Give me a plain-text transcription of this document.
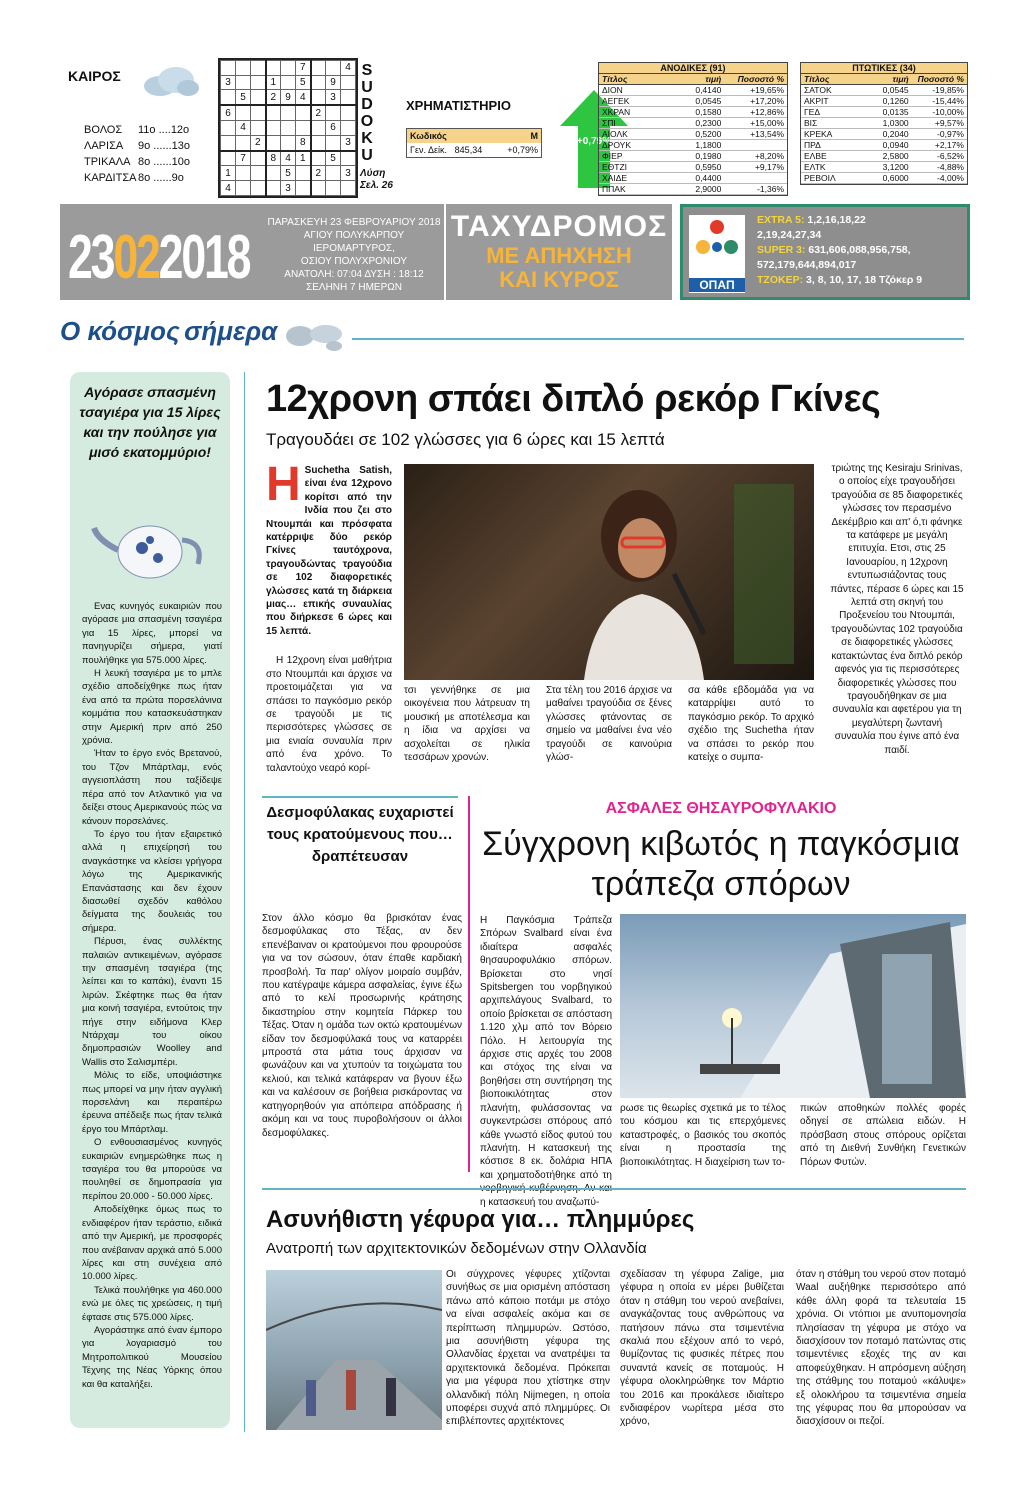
ΚΑΙΡΟΣ
ΒΟΛΟΣ	11ο ....12ο
ΛΑΡΙΣΑ	9ο ......13ο
ΤΡΙΚΑΛΑ 8ο ......10ο
ΚΑΡΔΙΤΣΑ 8ο ......9ο
					7			4
3			1		5		9	
	5		2	9	4		3	
6						2		
	4						6	
		2			8			3
	7		8	4	1		5	
1				5		2		3
4				3				
S
U
D
O
K
U
Λύση
Σελ. 26
ΧΡΗΜΑΤΙΣΤΗΡΙΟ
Κωδικός	Μ
Γεν. Δείκ. 845,34	+0,79%
+0,79%
ΑΝΟΔΙΚΕΣ (91)
Τίτλος	τιμή	Ποσοστό %
ΔΙΟΝ	0,4140	+19,65%
ΑΕΓΕΚ	0,0545	+17,20%
ΧΚΡΑΝ	0,1580	+12,86%
ΣΠΙ	0,2300	+15,00%
ΑΙΟΛΚ	0,5200	+13,54%
ΔΡΟΥΚ	1,1800
ΦΙΕΡ	0,1980	+8,20%
ΕΘΤΖΙ	0,5950	+9,17%
ΧΑΙΔΕ	0,4400
ΠΠΑΚ	2,9000	-1,36%
ΠΤΩΤΙΚΕΣ (34)
Τίτλος	τιμή	Ποσοστό %
ΣΑΤΟΚ	0,0545	-19,85%
ΑΚΡΙΤ	0,1260	-15,44%
ΓΕΔ	0,0135	-10,00%
ΒΙΣ	1,0300	+9,57%
ΚΡΕΚΑ	0,2040	-0,97%
ΠΡΔ	0,0940	+2,17%
ΕΛΒΕ	2,5800	-6,52%
ΕΛΤΚ	3,1200	-4,88%
ΡΕΒΟΙΛ	0,6000	-4,00%
23022018
ΠΑΡΑΣΚΕΥΗ 23 ΦΕΒΡΟΥΑΡΙΟΥ 2018
ΑΓΙΟΥ ΠΟΛΥΚΑΡΠΟΥ ΙΕΡΟΜΑΡΤΥΡΟΣ,
ΟΣΙΟΥ ΠΟΛΥΧΡΟΝΙΟΥ
ΑΝΑΤΟΛΗ: 07:04 ΔΥΣΗ : 18:12
ΣΕΛΗΝΗ 7 ΗΜΕΡΩΝ
ΤΑΧΥΔΡΟΜΟΣ
ΜΕ ΑΠΗΧΗΣΗ
ΚΑΙ ΚΥΡΟΣ	ΟΠΑΠ
EXTRA 5: 1,2,16,18,22
2,19,24,27,34
SUPER 3: 631,606,088,956,758,
572,179,644,894,017
ΤΖΟΚΕΡ: 3, 8, 10, 17, 18 Τζόκερ 9
Ο κόσμος σήμερα
Αγόρασε σπασμένη τσαγιέρα για 15 λίρες και την πούλησε για μισό εκατομμύριο!

Ενας κυνηγός ευκαιριών που αγόρασε μια σπασμένη τσαγιέρα για 15 λίρες, μπορεί να πανηγυρίζει σήμερα, γιατί πουλήθηκε για 575.000 λίρες.

Η λευκή τσαγιέρα με το μπλε σχέδιο αποδείχθηκε πως ήταν ένα από τα πρώτα πορσελάνινα κομμάτια που κατασκευάστηκαν στην Αμερική πριν από 250 χρόνια.

Ήταν το έργο ενός Βρετανού, του Τζον Μπάρτλαμ, ενός αγγειοπλάστη που ταξίδεψε πέρα από τον Ατλαντικό για να δείξει στους Αμερικανούς πώς να κάνουν πορσελάνες.

Το έργο του ήταν εξαιρετικό αλλά η επιχείρησή του αναγκάστηκε να κλείσει γρήγορα λόγω της Αμερικανικής Επανάστασης και δεν έχουν διασωθεί σχεδόν καθόλου δείγματα της δουλειάς του σήμερα.

Πέρυσι, ένας συλλέκτης παλαιών αντικειμένων, αγόρασε την σπασμένη τσαγιέρα (της λείπει και το καπάκι), έναντι 15 λιρών. Σκέφτηκε πως θα ήταν μια κοινή τσαγιέρα, εντούτοις την πήγε στην ειδήμονα Κλερ Ντάρχαμ του οίκου δημοπρασιών Woolley and Wallis στο Σαλισμπέρι.

Μόλις το είδε, υποψιάστηκε πως μπορεί να μην ήταν αγγλική πορσελάνη και περαιτέρω έρευνα απέδειξε πως ήταν τελικά έργο του Μπάρτλαμ.

Ο ενθουσιασμένος κυνηγός ευκαιριών ενημερώθηκε πως η τσαγιέρα του θα μπορούσε να πουληθεί σε δημοπρασία για περίπου 20.000 - 50.000 λίρες.

Αποδείχθηκε όμως πως το ενδιαφέρον ήταν τεράστιο, ειδικά από την Αμερική, με προσφορές που ανέβαιναν αρχικά από 5.000 λίρες και στη συνέχεια από 10.000 λίρες.

Τελικά πουλήθηκε για 460.000 ενώ με όλες τις χρεώσεις, η τιμή έφτασε στις 575.000 λίρες.

Αγοράστηκε από έναν έμπορο για λογαριασμό του Μητροπολιτικού Μουσείου Τέχνης της Νέας Υόρκης όπου και θα καταλήξει.

12χρονη σπάει διπλό ρεκόρ Γκίνες
Τραγουδάει σε 102 γλώσσες για 6 ώρες και 15 λεπτά
Η Suchetha Satish, είναι ένα 12χρονο κορίτσι από την Ινδία που ζει στο Ντουμπάι και πρόσφατα κατέρριψε δύο ρεκόρ Γκίνες ταυτόχρονα, τραγουδώντας τραγούδια σε 102 διαφορετικές γλώσσες κατά τη διάρκεια μιας… επικής συναυλίας που διήρκεσε 6 ώρες και 15 λεπτά.

Η 12χρονη είναι μαθήτρια στο Ντουμπάι και άρχισε να προετοιμάζεται για να σπάσει το παγκόσμιο ρεκόρ σε τραγούδι με τις περισσότερες γλώσσες σε μια ενιαία συναυλία πριν από ένα χρόνο. Το ταλαντούχο νεαρό κορί-

τσι γεννήθηκε σε μια οικογένεια που λάτρευαν τη μουσική με αποτέλεσμα και η ίδια να αρχίσει να ασχολείται σε ηλικία τεσσάρων χρονών.
Στα τέλη του 2016 άρχισε να μαθαίνει τραγούδια σε ξένες γλώσσες φτάνοντας σε σημείο να μαθαίνει ένα νέο τραγούδι σε καινούρια γλώσ-
σα κάθε εβδομάδα για να καταρρίψει αυτό το παγκόσμιο ρεκόρ. Το αρχικό σχέδιο της Suchetha ήταν να σπάσει το ρεκόρ που κατείχε ο συμπα-
τριώτης της Kesiraju Srinivas, ο οποίος είχε τραγουδήσει τραγούδια σε 85 διαφορετικές γλώσσες τον περασμένο Δεκέμβριο και απ' ό,τι φάνηκε τα κατάφερε με μεγάλη επιτυχία. Ετσι, στις 25 Ιανουαρίου, η 12χρονη εντυπωσιάζοντας τους πάντες, πέρασε 6 ώρες και 15 λεπτά στη σκηνή του Προξενείου του Ντουμπάι, τραγουδώντας 102 τραγούδια σε διαφορετικές γλώσσες κατακτώντας ένα διπλό ρεκόρ αφενός για τις περισσότερες διαφορετικές γλώσσες που τραγουδήθηκαν σε μια συναυλία και αφετέρου για τη μεγαλύτερη ζωντανή συναυλία που έγινε από ένα παιδί.
Δεσμοφύλακας ευχαριστεί τους κρατούμενους που… δραπέτευσαν
Στον άλλο κόσμο θα βρισκόταν ένας δεσμοφύλακας στο Τέξας, αν δεν επενέβαιναν οι κρατούμενοι που φρουρούσε για να τον σώσουν, όταν έπαθε καρδιακή προσβολή. Τα παρ' ολίγον μοιραίο συμβάν, που κατέγραψε κάμερα ασφαλείας, έγινε έξω από το κελί προσωρινής κράτησης δικαστηρίου στην κομητεία Πάρκερ του Τέξας. Όταν η ομάδα των οκτώ κρατουμένων είδαν τον δεσμοφύλακά τους να καταρρέει μπροστά στα μάτια τους άρχισαν να φωνάζουν και να χτυπούν τα τοιχώματα του κελιού, και τελικά κατάφεραν να βγουν έξω και να καλέσουν σε βοήθεια ρισκάροντας να κατηγορηθούν για απόπειρα απόδρασης ή ακόμη και να τους πυροβολήσουν οι άλλοι δεσμοφύλακες.
ΑΣΦΑΛΕΣ ΘΗΣΑΥΡΟΦΥΛΑΚΙΟ
Σύγχρονη κιβωτός η παγκόσμια τράπεζα σπόρων
Η Παγκόσμια Τράπεζα Σπόρων Svalbard είναι ένα ιδιαίτερα ασφαλές θησαυροφυλάκιο σπόρων. Βρίσκεται στο νησί Spitsbergen του νορβηγικού αρχιπελάγους Svalbard, το οποίο βρίσκεται σε απόσταση 1.120 χλμ από τον Βόρειο Πόλο. Η λειτουργία της άρχισε στις αρχές του 2008 και στόχος της είναι να βοηθήσει στη συντήρηση της βιοποικιλότητας στον πλανήτη, φυλάσσοντας να συγκεντρώσει σπόρους από κάθε γνωστό είδος φυτού του πλανήτη. Η κατασκευή της κόστισε 8 εκ. δολάρια ΗΠΑ και χρηματοδοτήθηκε από τη η κατασκευή του αναζωπύ-
ρωσε τις θεωρίες σχετικά με το τέλος του κόσμου και τις επερχόμενες καταστροφές, ο βασικός του σκοπός είναι η προστασία της βιοποικιλότητας. Η διαχείριση των το-
πικών αποθηκών πολλές φορές οδηγεί σε απώλεια ειδών. Η πρόσβαση στους σπόρους ορίζεται από τη Διεθνή Συνθήκη Γενετικών Πόρων Φυτών.
Ασυνήθιστη γέφυρα για… πλημμύρες
Ανατροπή των αρχιτεκτονικών δεδομένων στην Ολλανδία
Οι σύγχρονες γέφυρες χτίζονται συνήθως σε μια ορισμένη απόσταση πάνω από κάποιο ποτάμι με στόχο να είναι ασφαλείς ακόμα και σε περίπτωση πλημμυρών. Ωστόσο, μια ασυνήθιστη γέφυρα της Ολλανδίας έρχεται να ανατρέψει τα αρχιτεκτονικά δεδομένα. Πρόκειται για μια γέφυρα που χτίστηκε στην ολλανδική πόλη Nijmegen, η οποία υποφέρει συχνά από πλημμύρες. Οι επιβλέποντες αρχιτέκτονες
σχεδίασαν τη γέφυρα Zalige, μια γέφυρα η οποία εν μέρει βυθίζεται όταν η στάθμη του νερού ανεβαίνει, αναγκάζοντας τους ανθρώπους να πατήσουν πάνω στα τσιμεντένια σκαλιά που εξέχουν από το νερό, θυμίζοντας τις φυσικές πέτρες που συναντά κανείς σε ποταμούς. Η γέφυρα ολοκληρώθηκε τον Μάρτιο του 2016 και προκάλεσε ιδιαίτερο ενδιαφέρον νωρίτερα μέσα στο χρόνο,
όταν η στάθμη του νερού στον ποταμό Waal αυξήθηκε περισσότερο από κάθε άλλη φορά τα τελευταία 15 χρόνια. Οι ντόπιοι με ανυπομονησία πλησίασαν τη γέφυρα με στόχο να διασχίσουν τον ποταμό πατώντας στις τσιμεντένιες εξοχές της αν και αποφεύχθηκαν. Η απρόσμενη αύξηση της στάθμης του ποταμού «κάλυψε» εξ ολοκλήρου τα τσιμεντένια σημεία της γέφυρας που θα μπορούσαν να διασχίσουν οι πεζοί.
